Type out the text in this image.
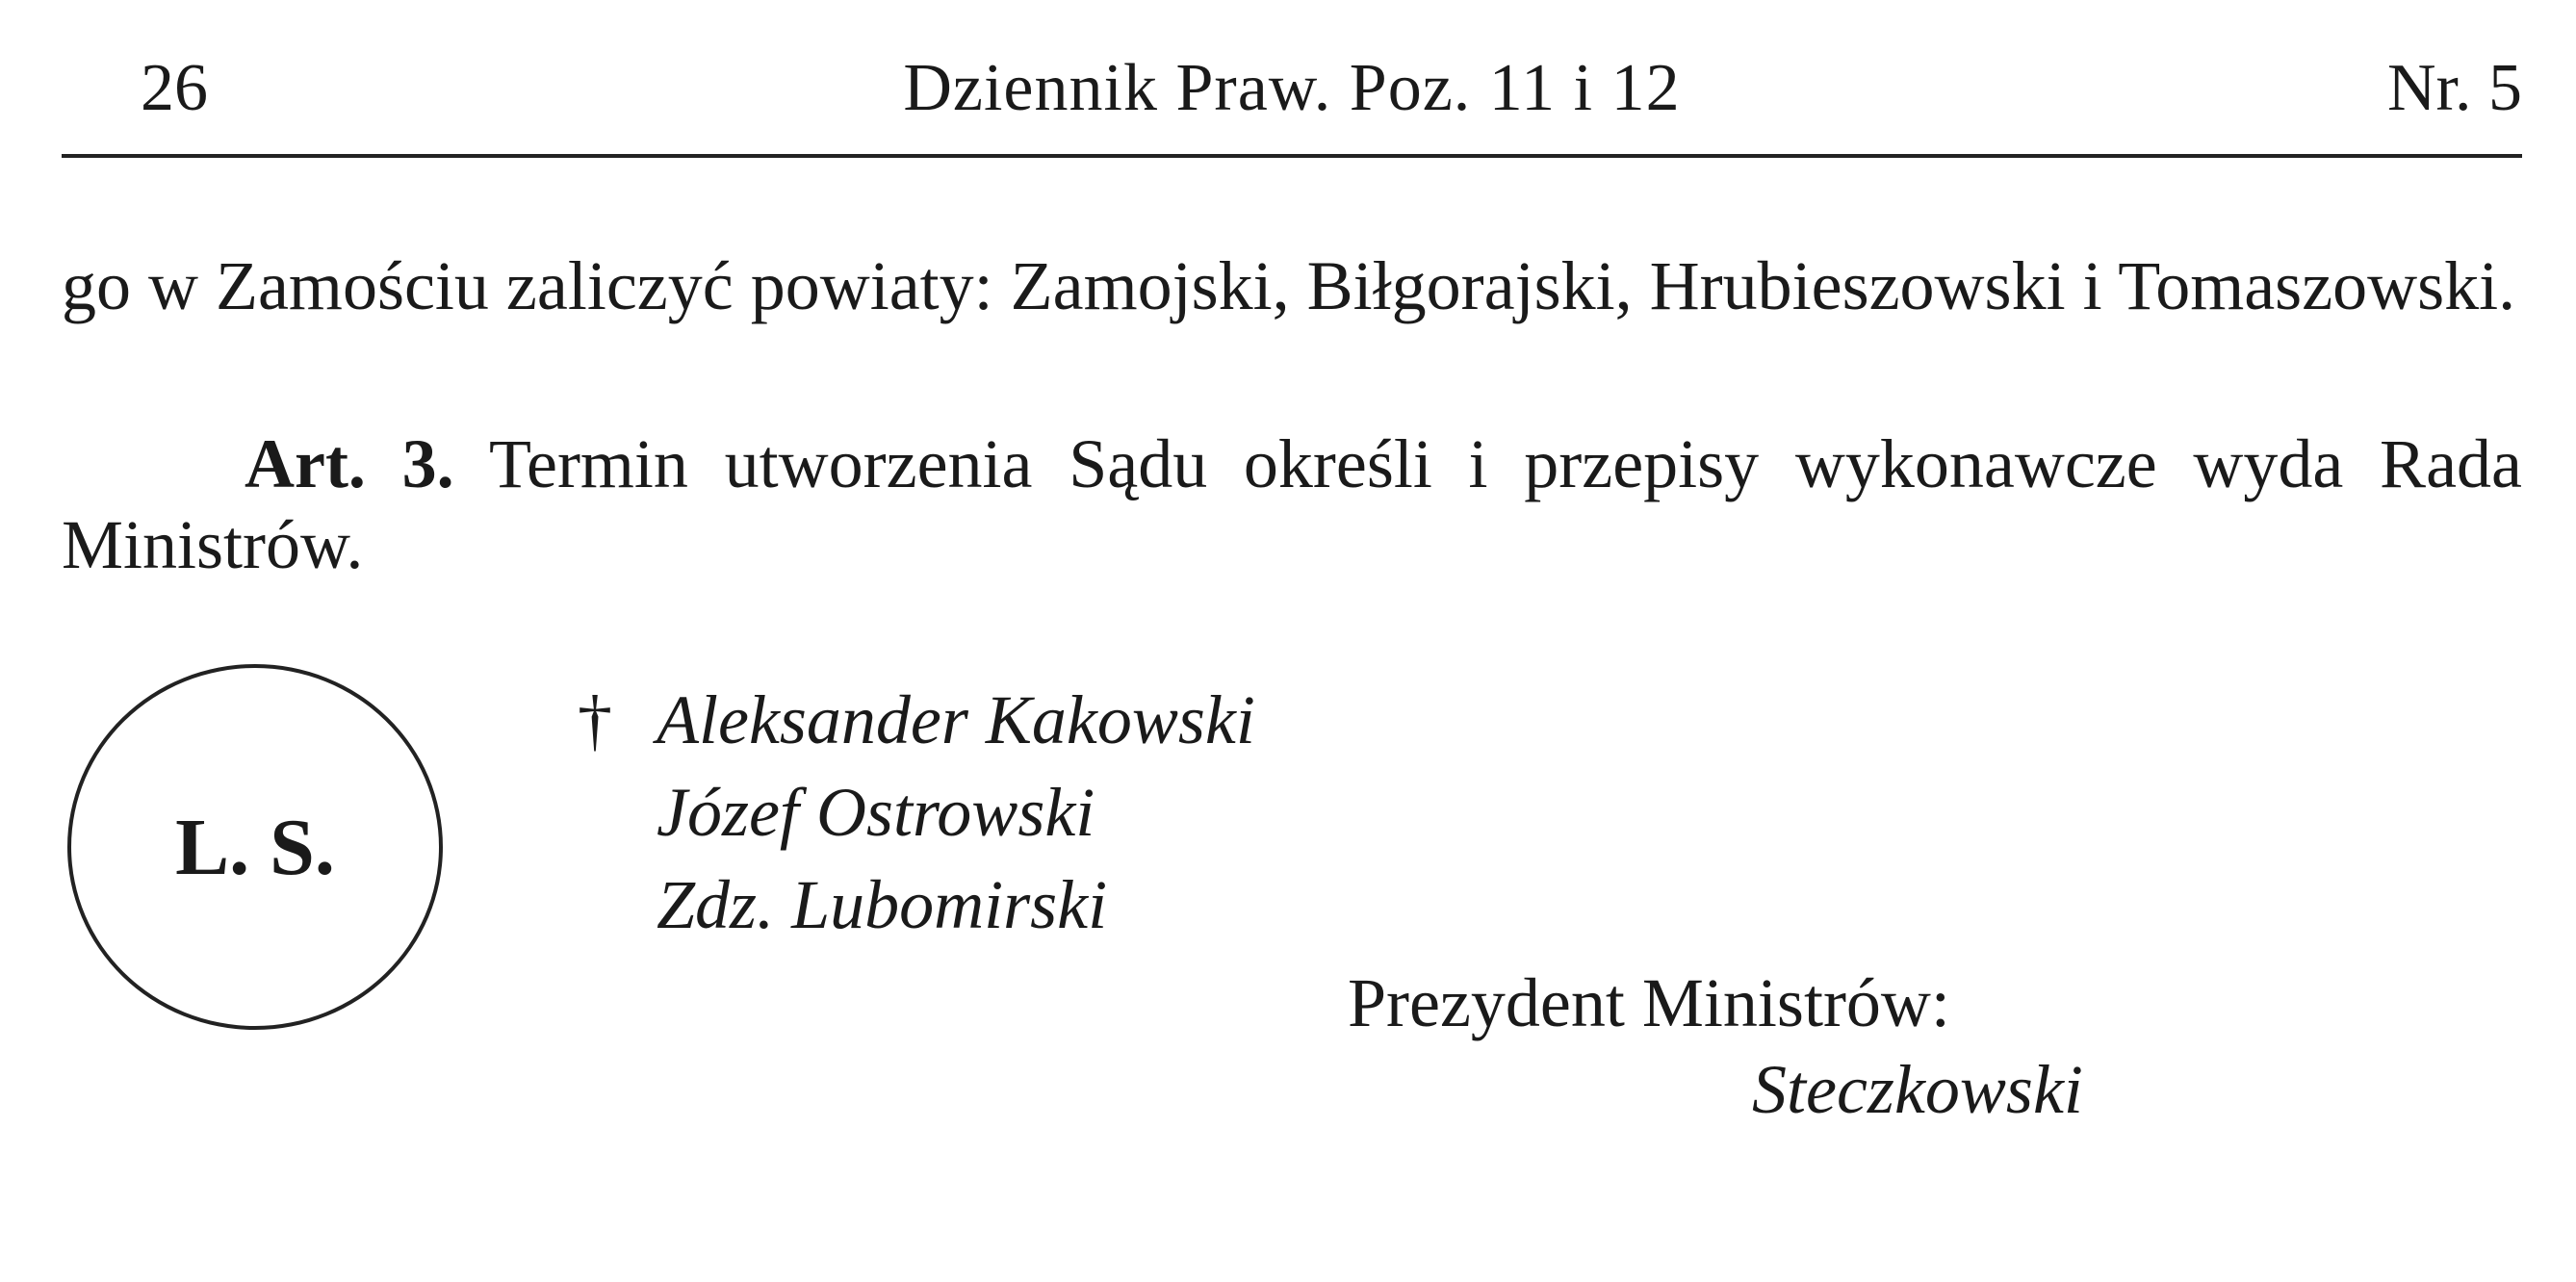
26	Dziennik Praw. Poz. 11 i 12	Nr. 5

go w Zamościu zaliczyć powiaty: Zamojski, Biłgorajski, Hrubieszowski i Tomaszowski.

Art. 3. Termin utworzenia Sądu określi i przepisy wykonawcze wyda Rada Ministrów.

L. S.
† Aleksander Kakowski
Józef Ostrowski
Zdz. Lubomirski
Prezydent Ministrów:
Steczkowski
